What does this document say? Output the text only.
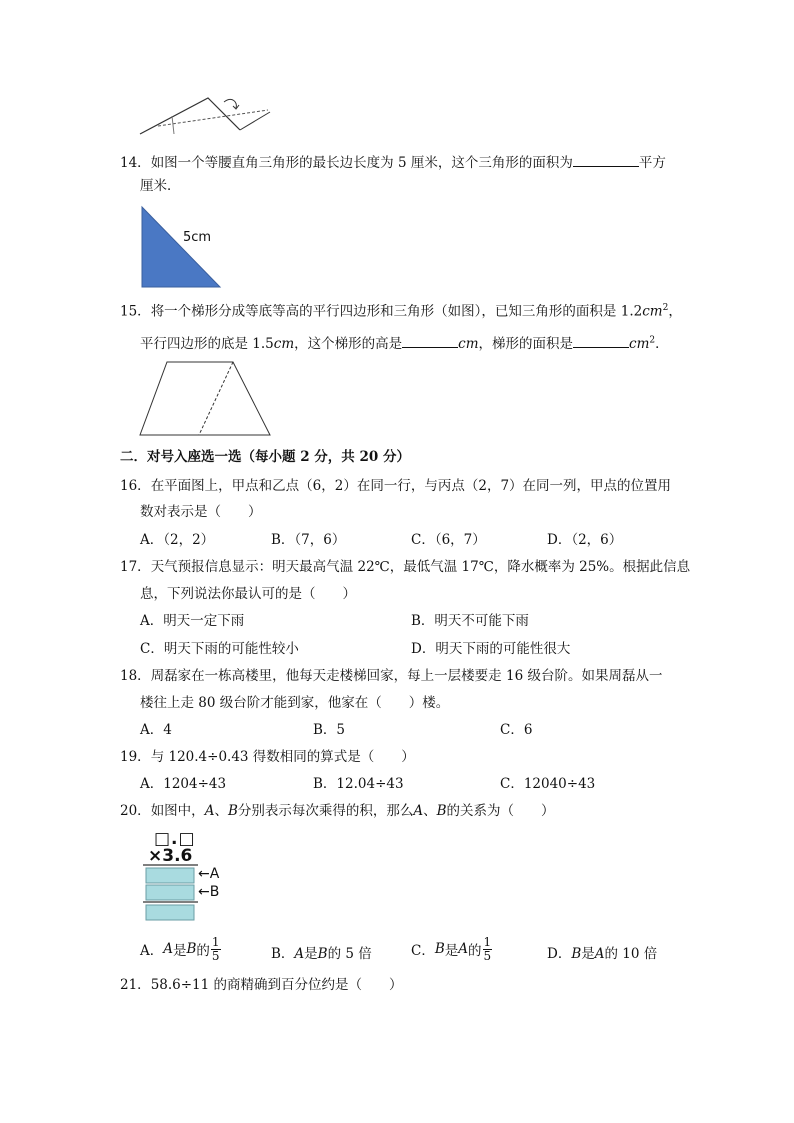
14．如图一个等腰直角三角形的最长边长度为 5 厘米，这个三角形的面积为	平方
厘米．
5cm
15．将一个梯形分成等底等高的平行四边形和三角形（如图），已知三角形的面积是 $1.2cm^2$，
平行四边形的底是 1.5cm，这个梯形的高是	cm，梯形的面积是	$cm^2$．
二．对号入座选一选（每小题 2 分，共 20 分）
16．在平面图上，甲点和乙点（6，2）在同一行，与丙点（2，7）在同一列，甲点的位置用
数对表示是（　　）
A．（2，2）	B．（7，6）	C．（6，7）	D．（2，6）
17．天气预报信息显示：明天最高气温 22℃，最低气温 17℃，降水概率为 25%。根据此信息
息，下列说法你最认可的是（　　）
A．明天一定下雨	B．明天不可能下雨
C．明天下雨的可能性较小	D．明天下雨的可能性很大
18．周磊家在一栋高楼里，他每天走楼梯回家，每上一层楼要走 16 级台阶。如果周磊从一
楼往上走 80 级台阶才能到家，他家在（　　）楼。
A．4	B．5	C．6
19．与 120.4÷0.43 得数相同的算式是（　　）
A．1204÷43	B．12.04÷43	C．12040÷43
20．如图中，A、B分别表示每次乘得的积，那么A、B的关系为（　　）
□.□
×3.6
←A
←B
A． A 是 B 的 $\frac{1}{5}$	B．A是B的 5 倍	C． B 是 A 的 $\frac{1}{5}$	D．B是A的 10 倍
21．58.6÷11 的商精确到百分位约是（　　）
